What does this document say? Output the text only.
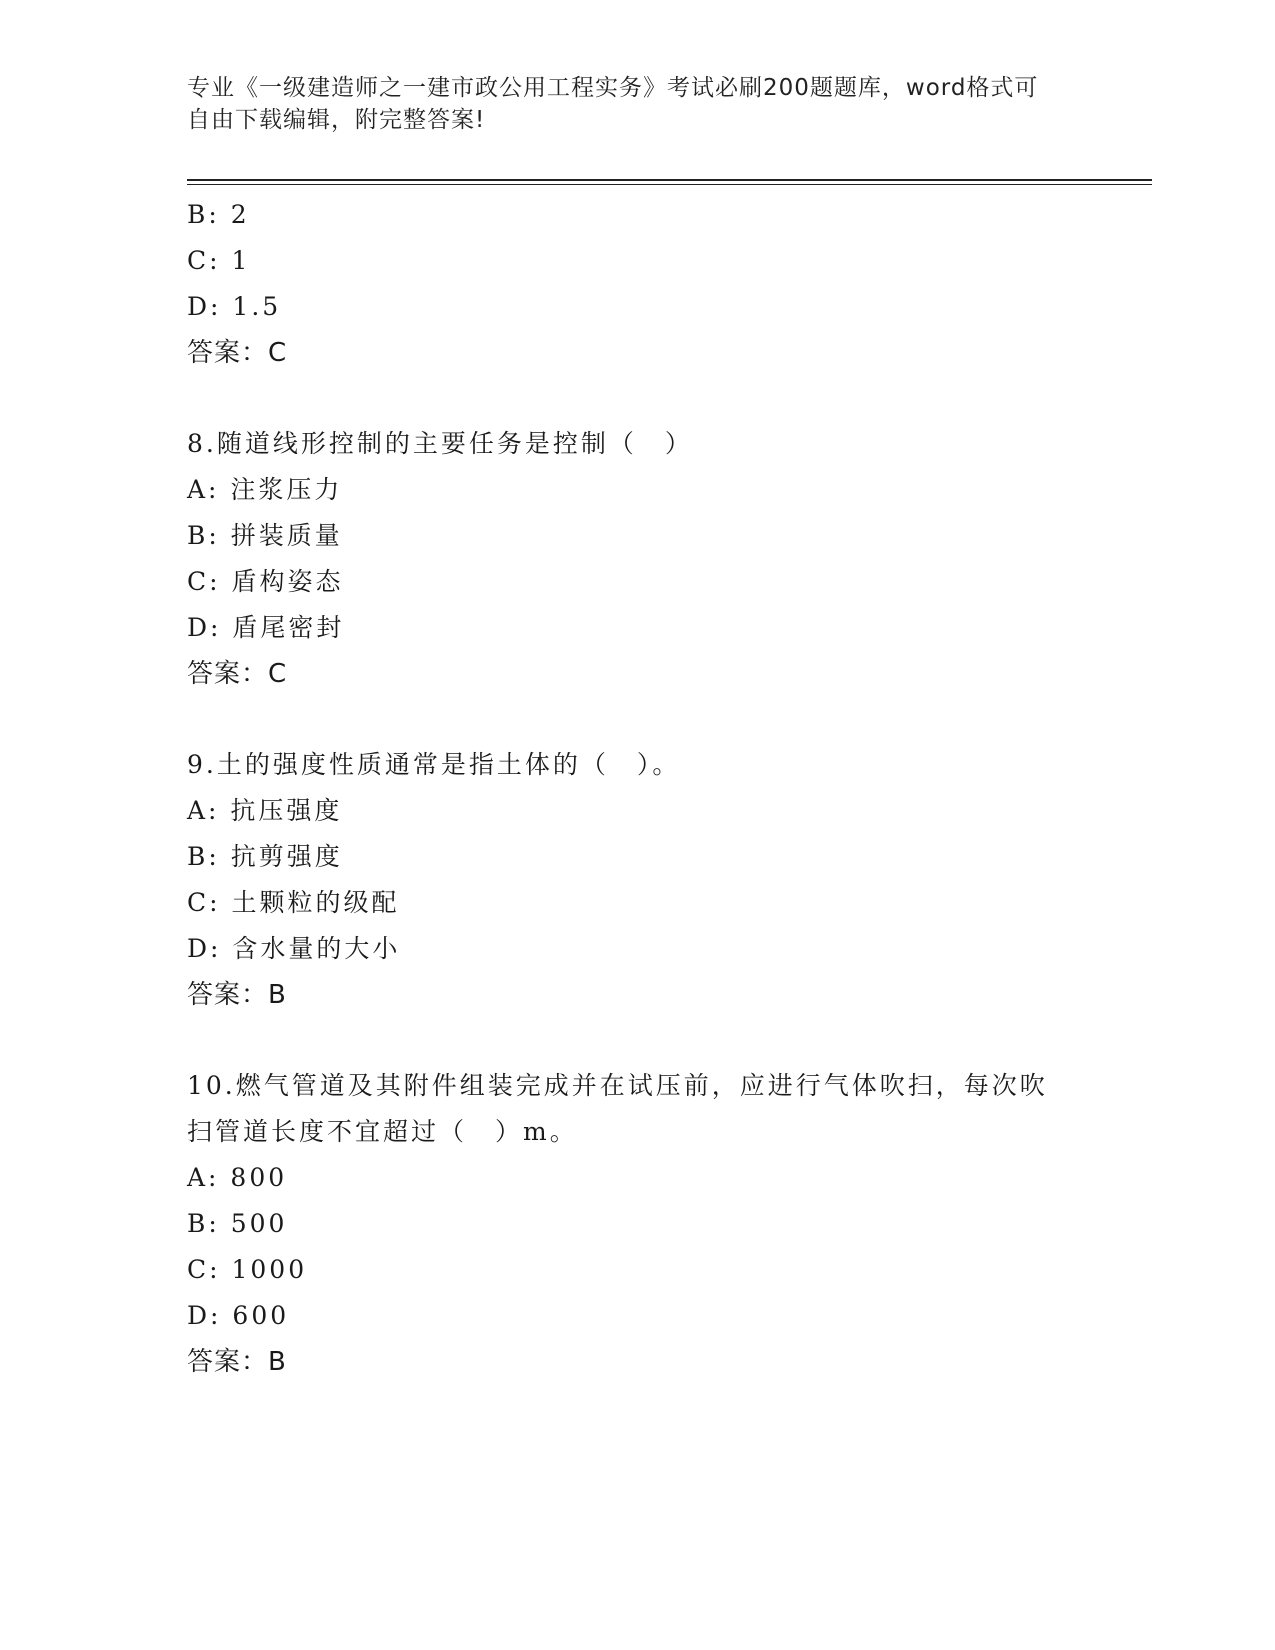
专业《一级建造师之一建市政公用工程实务》考试必刷200题题库，word格式可
自由下载编辑，附完整答案!
B: 2
C: 1
D: 1.5
答案：C
8.随道线形控制的主要任务是控制（　）
A: 注浆压力
B: 拼装质量
C: 盾构姿态
D: 盾尾密封
答案：C
9.土的强度性质通常是指土体的（　）。
A: 抗压强度
B: 抗剪强度
C: 土颗粒的级配
D: 含水量的大小
答案：B
10.燃气管道及其附件组装完成并在试压前，应进行气体吹扫，每次吹
扫管道长度不宜超过（　）m。
A: 800
B: 500
C: 1000
D: 600
答案：B
